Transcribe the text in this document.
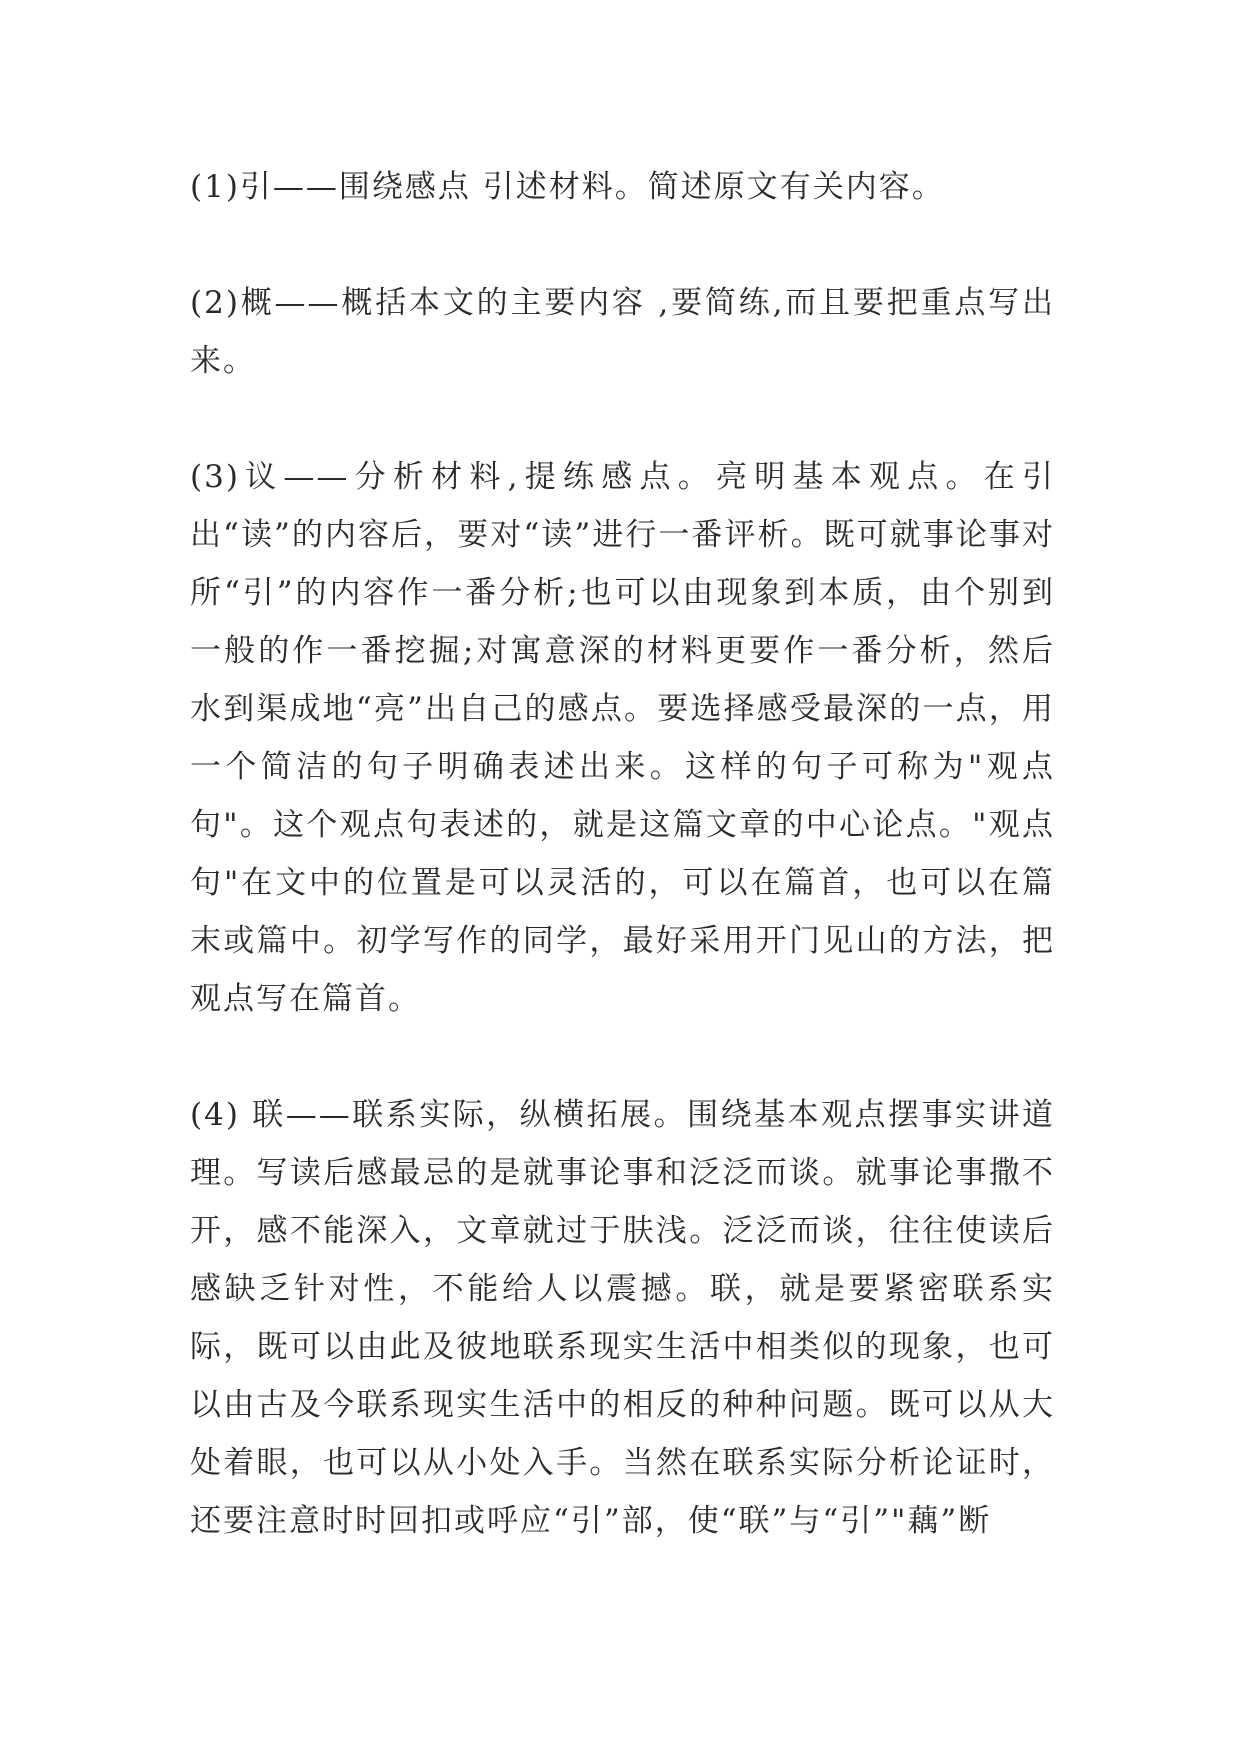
(1)引——围绕感点 引述材料。简述原文有关内容。

(2)概——概括本文的主要内容 ,要简练,而且要把重点写出来。

(3)议——分析材料,提练感点。亮明基本观点。在引出“读”的内容后，要对“读”进行一番评析。既可就事论事对所“引”的内容作一番分析;也可以由现象到本质，由个别到一般的作一番挖掘;对寓意深的材料更要作一番分析，然后水到渠成地“亮”出自己的感点。要选择感受最深的一点，用一个简洁的句子明确表述出来。这样的句子可称为"观点句"。这个观点句表述的，就是这篇文章的中心论点。"观点句"在文中的位置是可以灵活的，可以在篇首，也可以在篇末或篇中。初学写作的同学，最好采用开门见山的方法，把观点写在篇首。

(4) 联——联系实际，纵横拓展。围绕基本观点摆事实讲道理。写读后感最忌的是就事论事和泛泛而谈。就事论事撒不开，感不能深入，文章就过于肤浅。泛泛而谈，往往使读后感缺乏针对性，不能给人以震撼。联，就是要紧密联系实际，既可以由此及彼地联系现实生活中相类似的现象，也可以由古及今联系现实生活中的相反的种种问题。既可以从大处着眼，也可以从小处入手。当然在联系实际分析论证时，还要注意时时回扣或呼应“引”部，使“联”与“引”"藕”断
